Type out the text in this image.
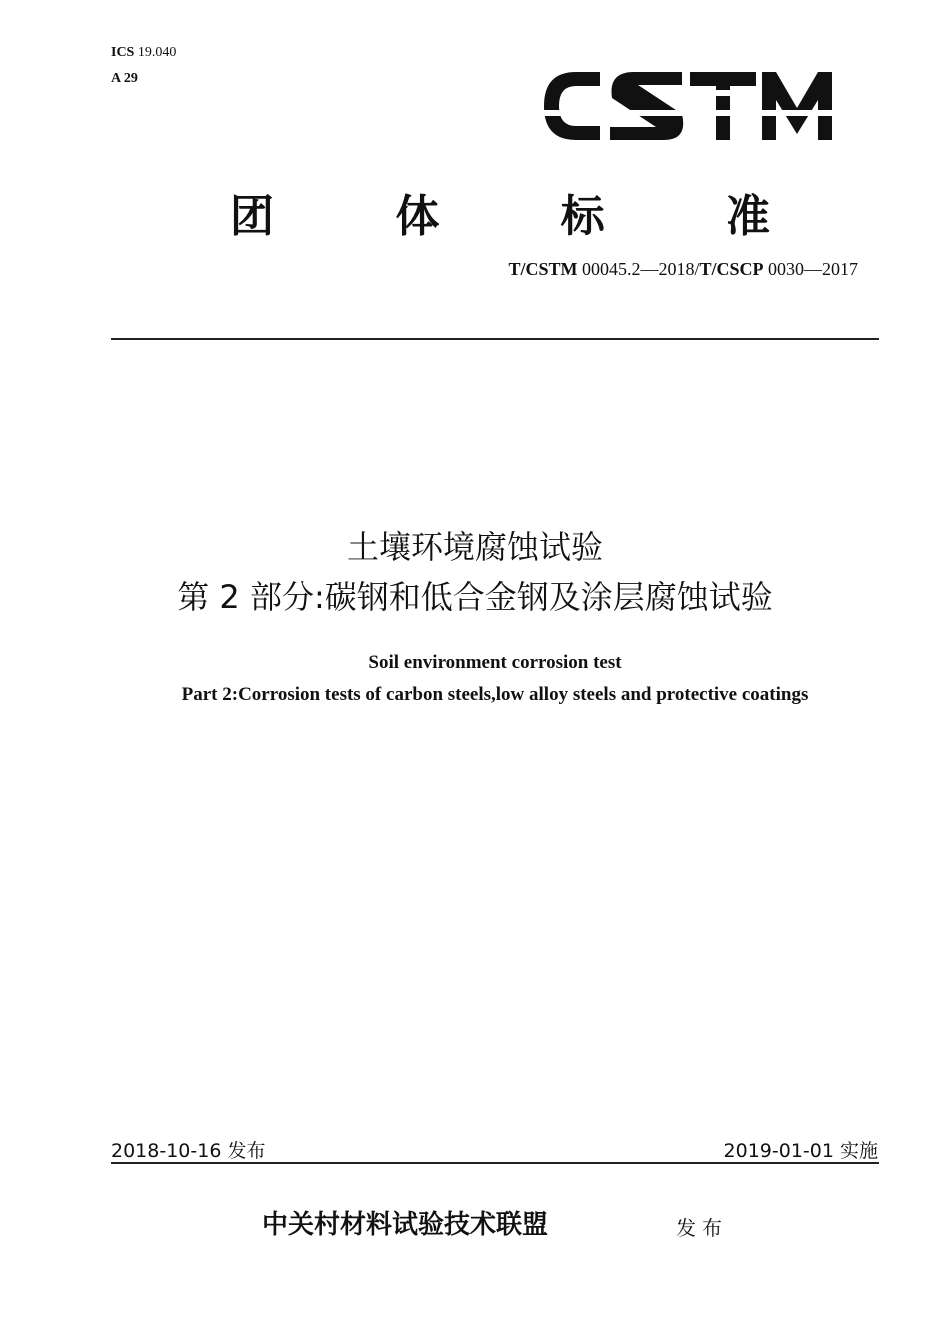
ICS 19.040
A 29
团	体	标	准
T/CSTM 00045.2—2018/T/CSCP 0030—2017
土壤环境腐蚀试验
第 2 部分:碳钢和低合金钢及涂层腐蚀试验
Soil environment corrosion test
Part 2:Corrosion tests of carbon steels,low alloy steels and protective coatings
2018-10-16 发布	2019-01-01 实施
中关村材料试验技术联盟	发布
